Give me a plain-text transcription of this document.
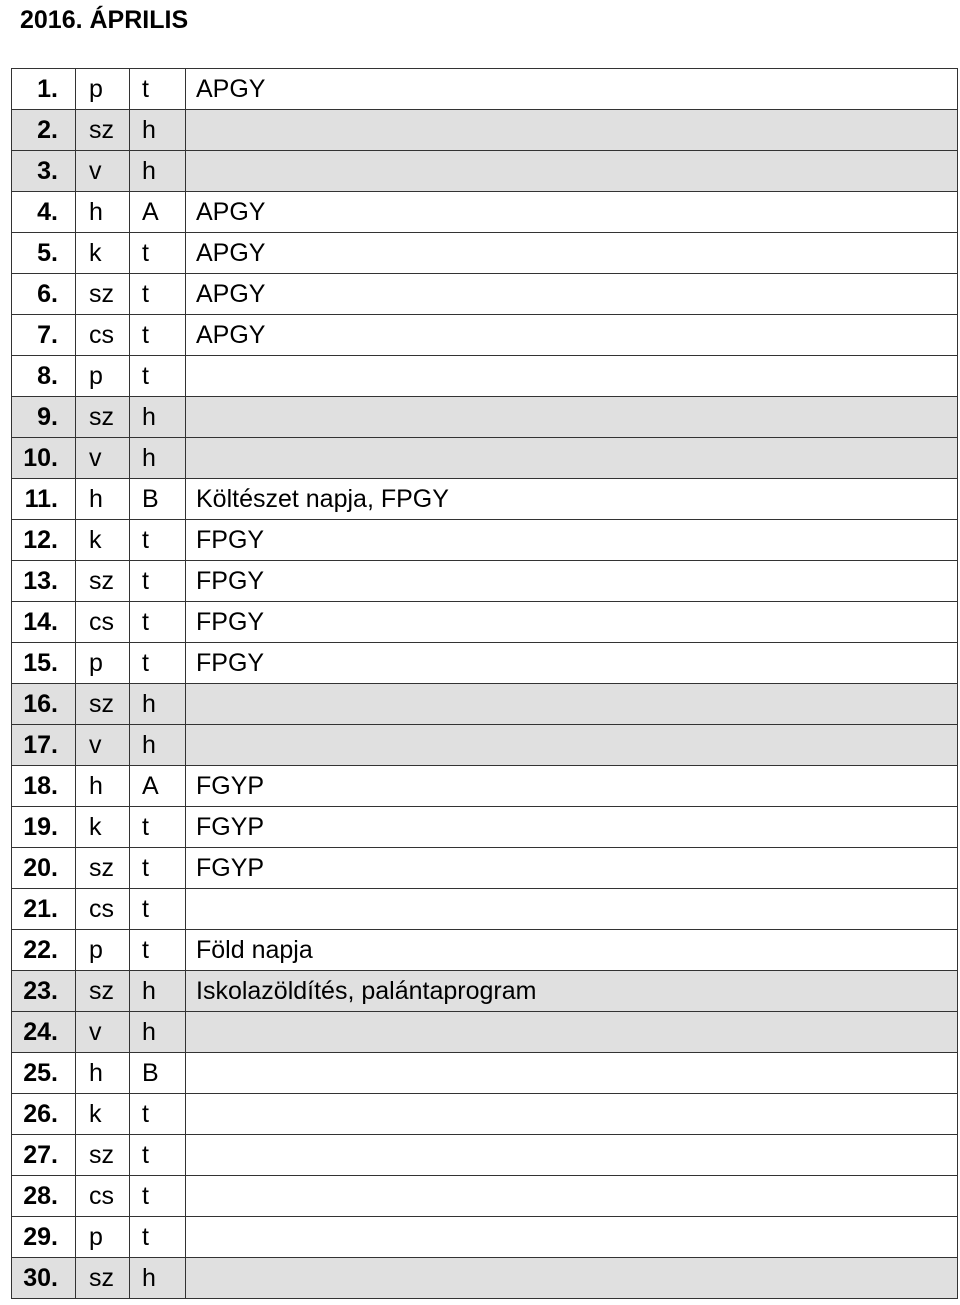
2016. ÁPRILIS
1.	p	t	APGY
2.	sz	h	
3.	v	h	
4.	h	A	APGY
5.	k	t	APGY
6.	sz	t	APGY
7.	cs	t	APGY
8.	p	t	
9.	sz	h	
10.	v	h	
11.	h	B	Költészet napja, FPGY
12.	k	t	FPGY
13.	sz	t	FPGY
14.	cs	t	FPGY
15.	p	t	FPGY
16.	sz	h	
17.	v	h	
18.	h	A	FGYP
19.	k	t	FGYP
20.	sz	t	FGYP
21.	cs	t	
22.	p	t	Föld napja
23.	sz	h	Iskolazöldítés, palántaprogram
24.	v	h	
25.	h	B	
26.	k	t	
27.	sz	t	
28.	cs	t	
29.	p	t	
30.	sz	h	
